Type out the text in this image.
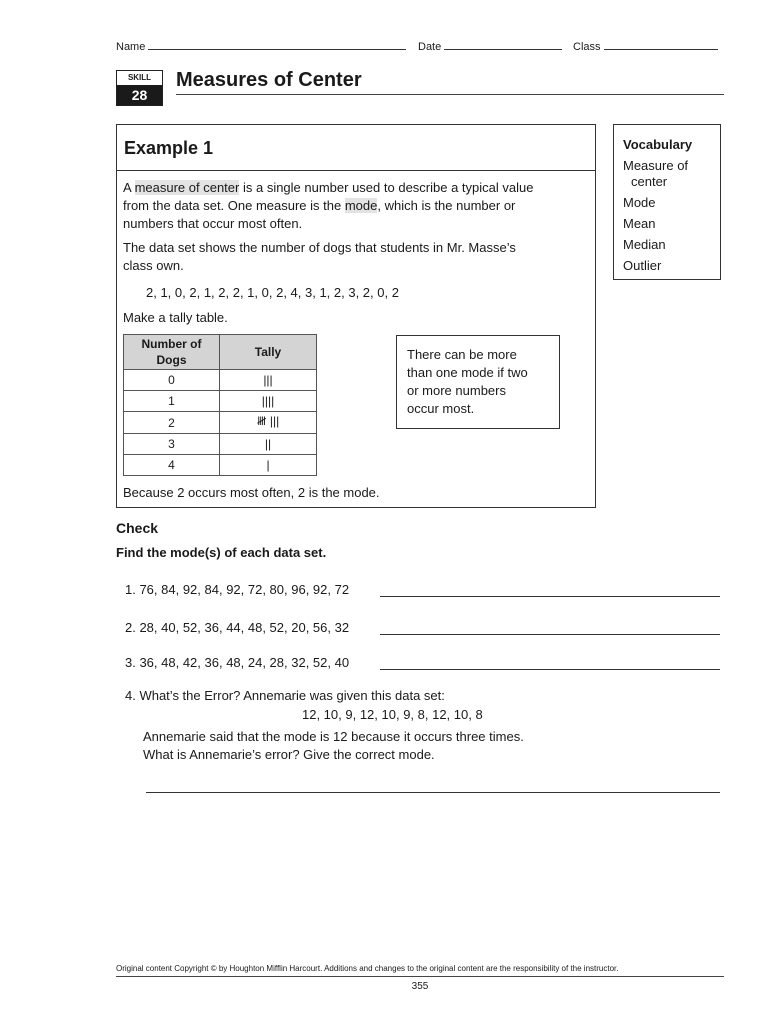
Name	Date	Class
SKILL
28
Measures of Center
Example 1
A measure of center is a single number used to describe a typical value
from the data set. One measure is the mode, which is the number or
numbers that occur most often.
The data set shows the number of dogs that students in Mr. Masse’s
class own.
2, 1, 0, 2, 1, 2, 2, 1, 0, 2, 4, 3, 1, 2, 3, 2, 0, 2
Make a tally table.
Number of
Dogs	Tally
0	|||
1	||||
2	𝍸 |||
3	||
4	|
There can be more
than one mode if two
or more numbers
occur most.
Because 2 occurs most often, 2 is the mode.
Vocabulary
Measure of
center
Mode
Mean
Median
Outlier
Check
Find the mode(s) of each data set.
1. 76, 84, 92, 84, 92, 72, 80, 96, 92, 72
2. 28, 40, 52, 36, 44, 48, 52, 20, 56, 32
3. 36, 48, 42, 36, 48, 24, 28, 32, 52, 40
4. What’s the Error? Annemarie was given this data set:
12, 10, 9, 12, 10, 9, 8, 12, 10, 8
Annemarie said that the mode is 12 because it occurs three times.
What is Annemarie’s error? Give the correct mode.
Original content Copyright © by Houghton Mifflin Harcourt. Additions and changes to the original content are the responsibility of the instructor.
355
